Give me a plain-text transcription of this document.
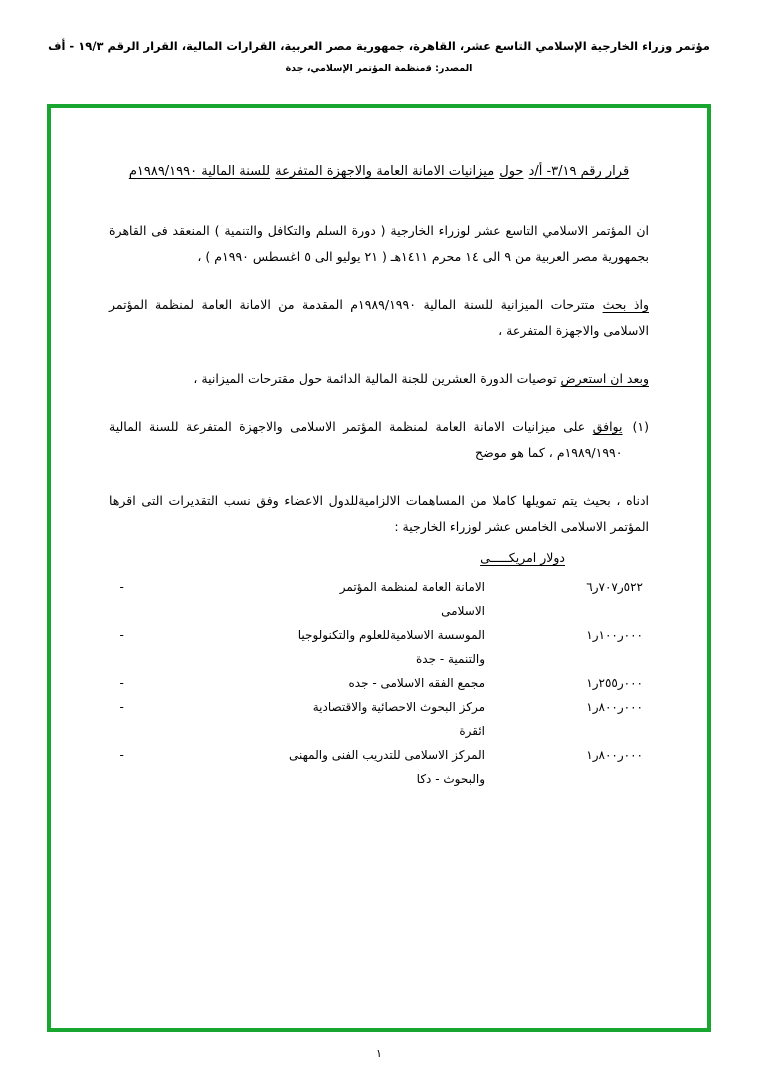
مؤتمر وزراء الخارجية الإسلامي التاسع عشر، القاهرة، جمهورية مصر العربية، القرارات المالية، القرار الرقم ١٩/٣ - أف
المصدر: ﻗمنظمة المؤتمر الإسلامي، جدة
قرار رقم ٣/١٩- أ/د حول ميزانيات الامانة العامة والاجهزة المتفرعة للسنة المالية ١٩٨٩/١٩٩٠م

ان المؤتمر الاسلامي التاسع عشر لوزراء الخارجية ( دورة السلم والتكافل والتنمية ) المنعقد فى القاهرة بجمهورية مصر العربية من ٩ الى ١٤ محرم ١٤١١هـ ( ٢١ يوليو الى ٥ اغسطس ١٩٩٠م ) ،

واذ بحث متترحات الميزانية للسنة المالية ١٩٨٩/١٩٩٠م المقدمة من الامانة العامة لمنظمة المؤتمر الاسلامى والاجهزة المتفرعة ،

وبعد ان استعرض توصيات الدورة العشرين للجنة المالية الدائمة حول مقترحات الميزانية ،

(١)

يوافق على ميزانيات الامانة العامة لمنظمة المؤتمر الاسلامى والاجهزة المتفرعة للسنة المالية ١٩٨٩/١٩٩٠م ، كما هو موضح

ادناه ، بحيث يتم تمويلها كاملا من المساهمات الالزامية‌للدول الاعضاء وفق نسب التقديرات التى اقرها المؤتمر الاسلامى الخامس عشر لوزراء الخارجية :

دولار امريكـــــى
٥٢٢ر٧٠٧ر٦	الامانة العامة لمنظمة المؤتمر
الاسلامى	-
٠٠٠ر١٠٠ر١	الموسسة الاسلامية‌للعلوم والتكنولوجيا
والتنمية - جدة	-
٠٠٠ر٢٥٥ر١	مجمع الفقه الاسلامى - جده	-
٠٠٠ر٨٠٠ر١	مركز البحوث الاحصائية والاقتصادية
ائقرة	-
٠٠٠ر٨٠٠ر١	المركز الاسلامى للتدريب الفنى والمهنى
والبحوث - دكا	-
١
